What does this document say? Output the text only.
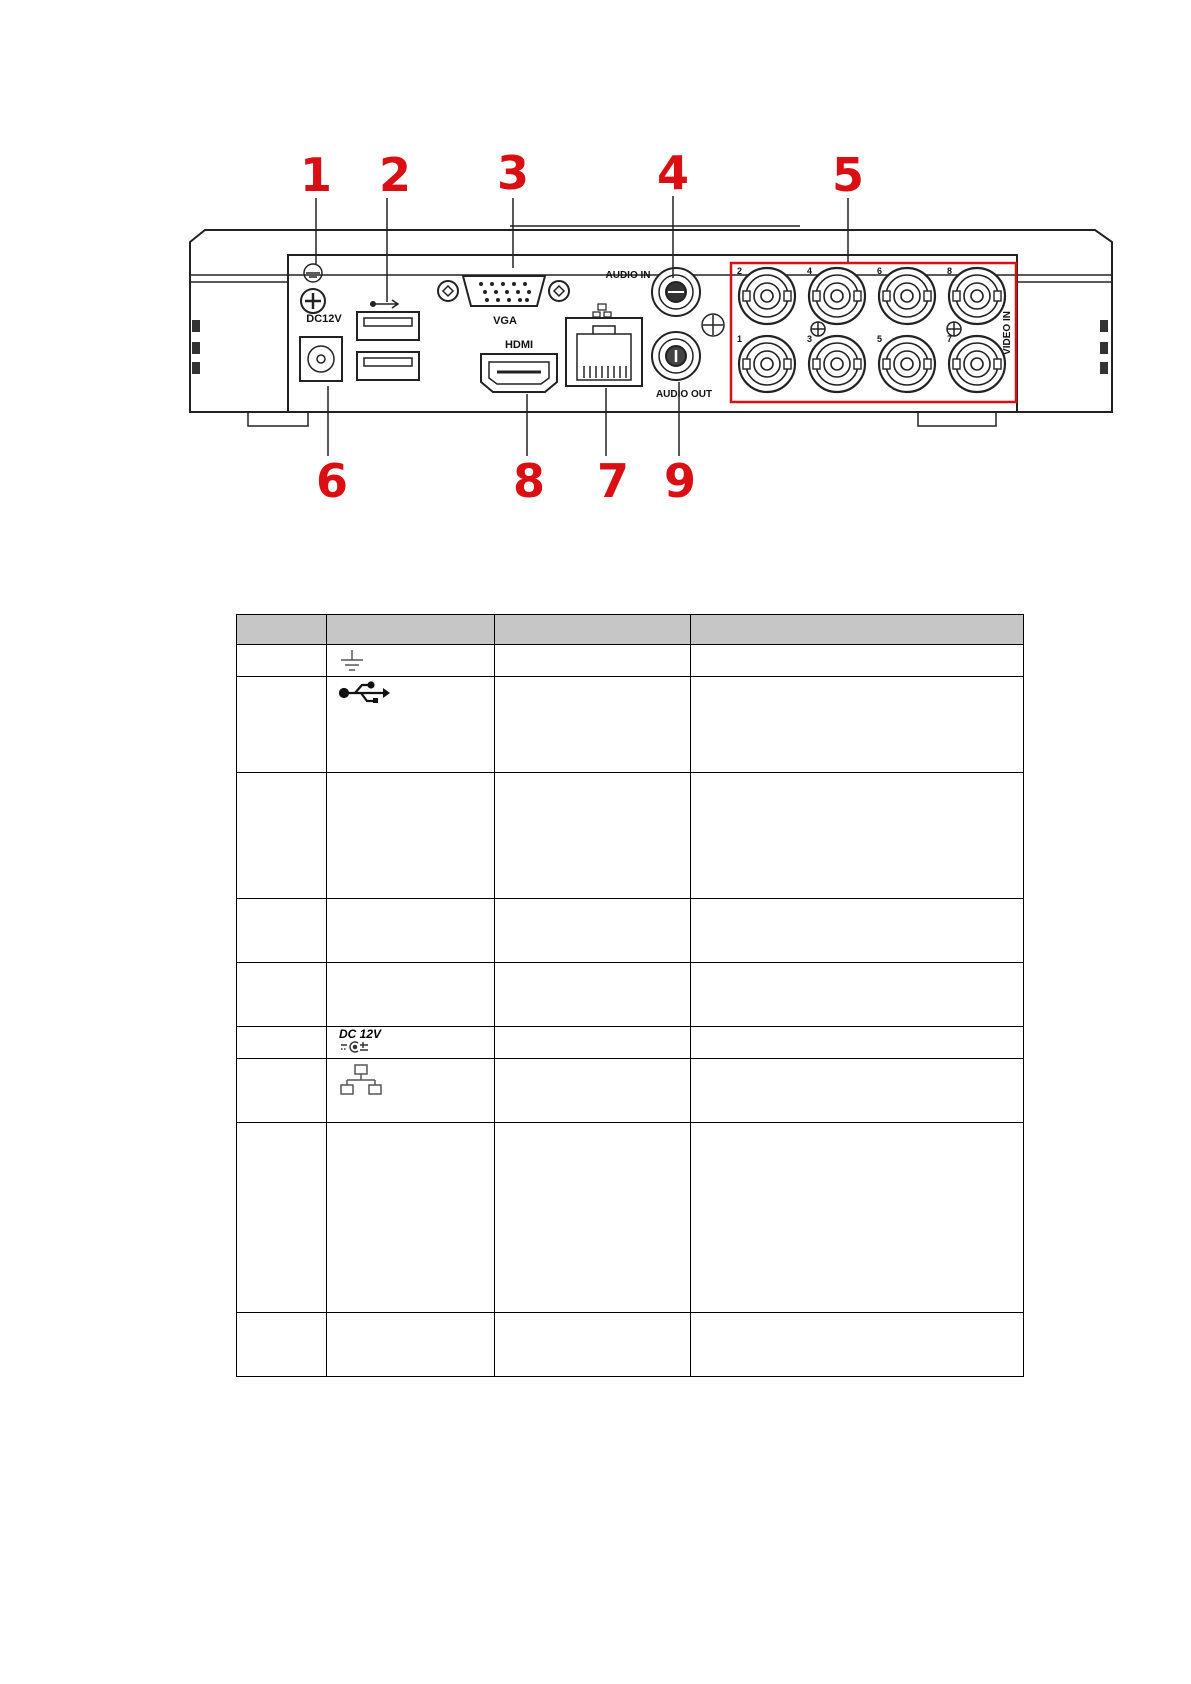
DC12V	VGA
HDMI
AUDIO IN
AUDIO OUT
VIDEO IN
2	4	6	8
1	3	5	7
1 2 3	4	5
6	8 7 9

	DC 12V		
